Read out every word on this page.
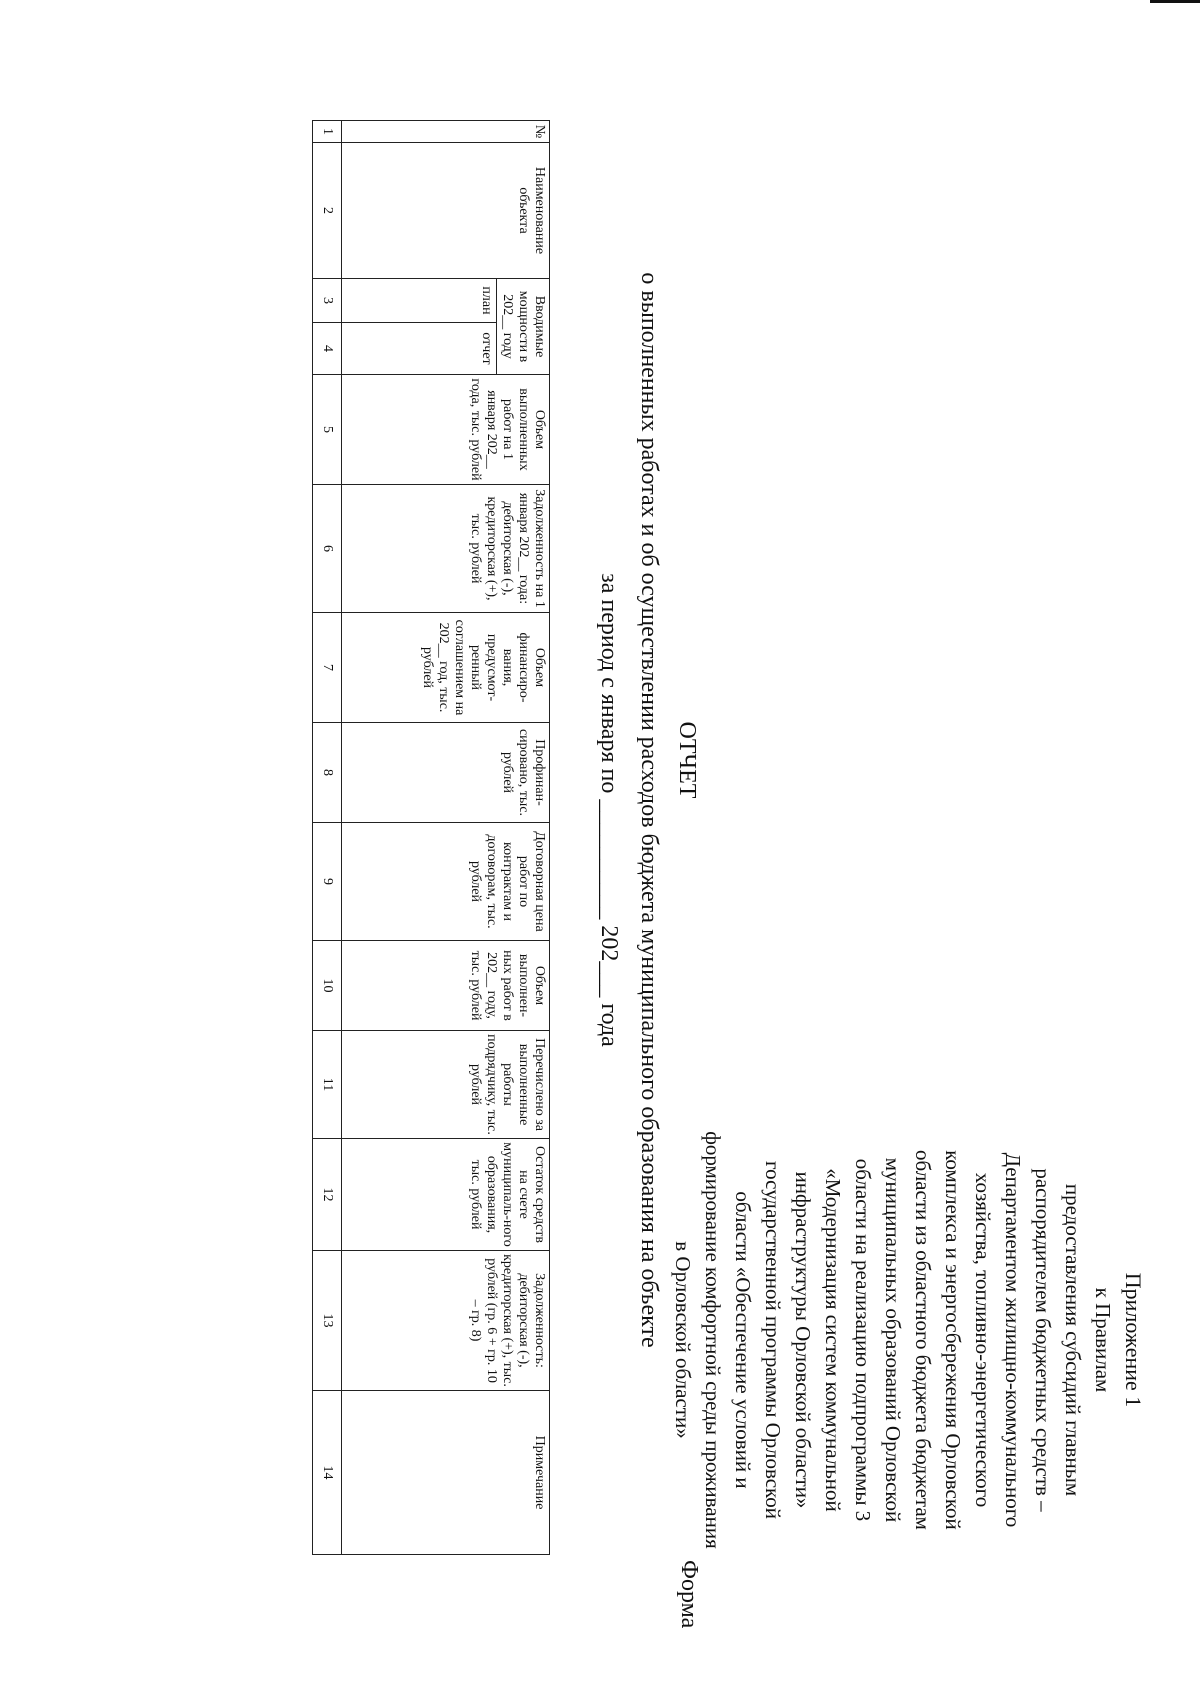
Приложение 1
к Правилам
предоставления субсидий главным
распорядителем бюджетных средств –
Департаментом жилищно-коммунального
хозяйства, топливно-энергетического
комплекса и энергосбережения Орловской
области из областного бюджета бюджетам
муниципальных образований Орловской
области на реализацию подпрограммы 3
«Модернизация систем коммунальной
инфраструктуры Орловской области»
государственной программы Орловской
области «Обеспечение условий и
формирование комфортной среды проживания
в Орловской области»
Форма
ОТЧЕТ
о выполненных работах и об осуществлении расходов бюджета муниципального образования на объекте
за период с января по __________ 202___ года
№	Наименование объекта	Вводимые мощности в 202__ году		Объем выполненных работ на 1 января 202__ года, тыс. рублей	Задолженность на 1 января 202__ года: дебиторская (-), кредиторская (+), тыс. рублей	Объем финансиро-вания, предусмот-ренный соглашением на 202__ год, тыс. рублей	Профинан-сировано, тыс. рублей	Договорная цена работ по контрактам и договорам, тыс. рублей	Объем выполнен-ных работ в 202__ году, тыс. рублей	Перечислено за выполненные работы подрядчику, тыс. рублей	Остаток средств на счете муниципаль-ного образования, тыс. рублей	Задолженность: дебиторская (-), кредиторская (+), тыс. рублей (гр. 6 + гр. 10 – гр. 8)	Примечание
		план	отчет										
1	2	3	4	5	6	7	8	9	10	11	12	13	14
